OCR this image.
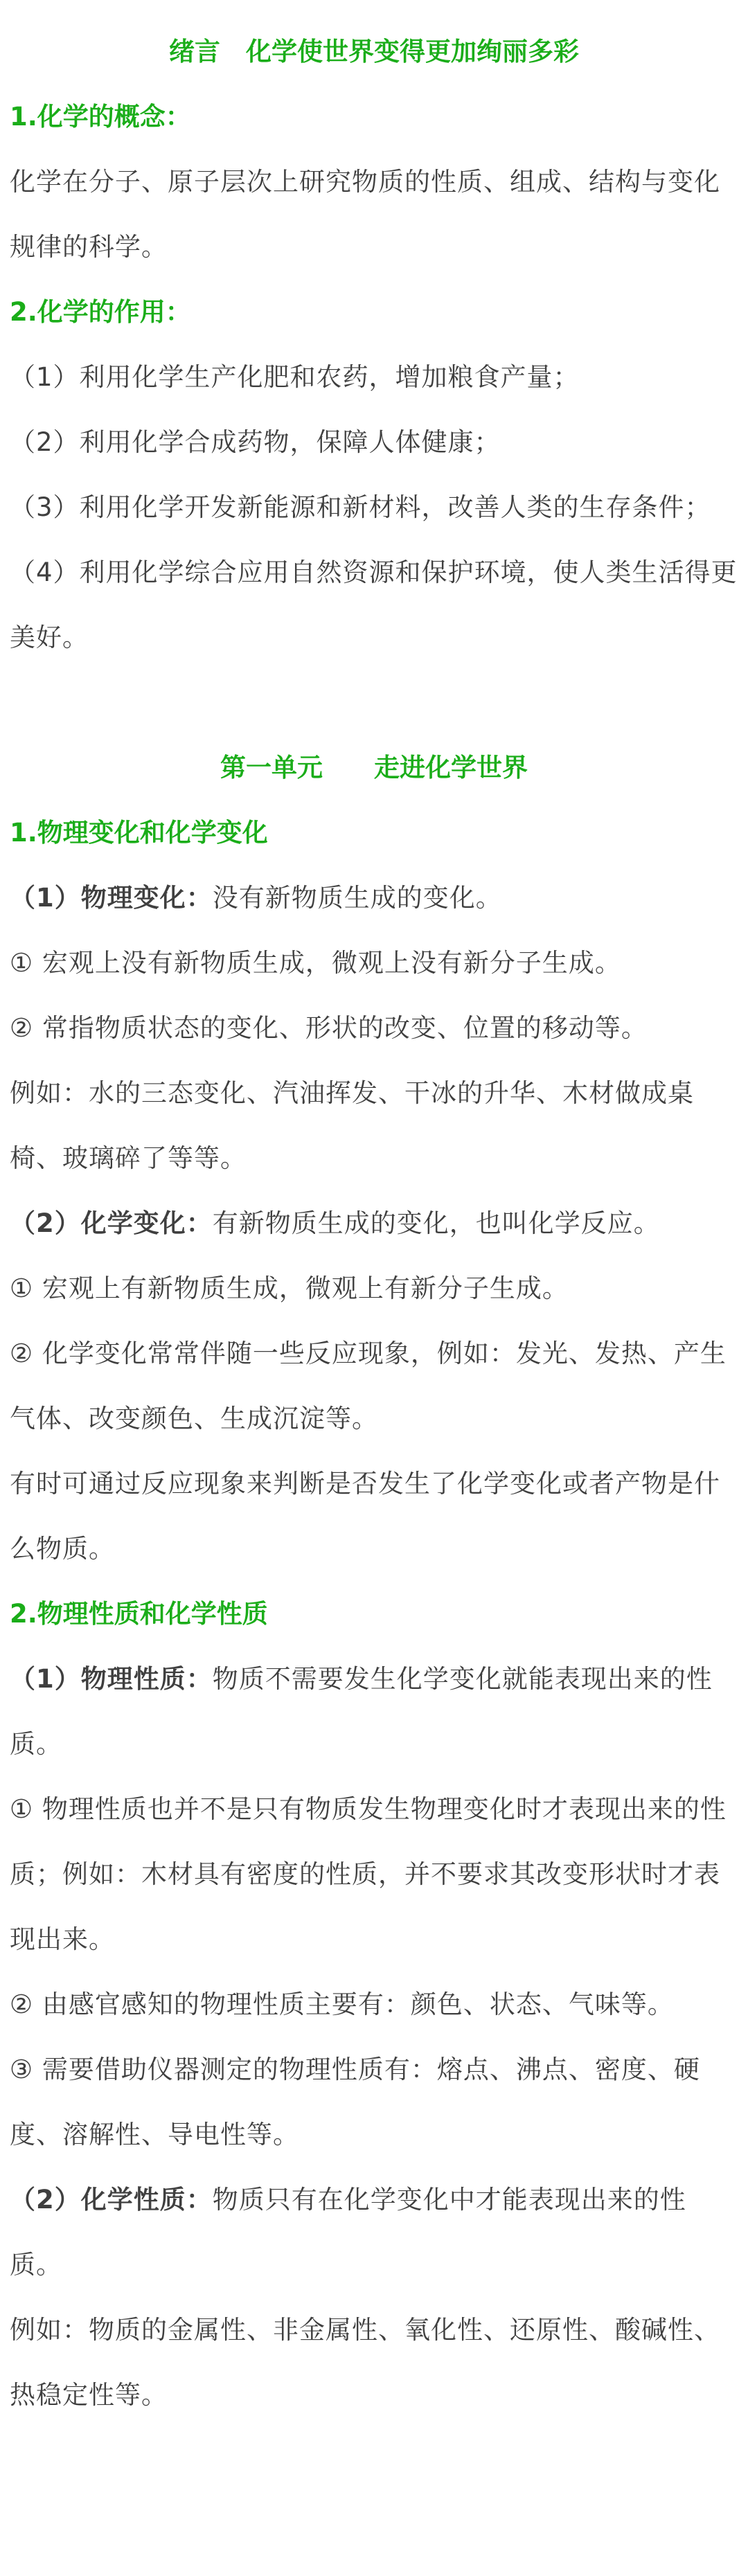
绪言　化学使世界变得更加绚丽多彩

1.化学的概念：

化学在分子、原子层次上研究物质的性质、组成、结构与变化规律的科学。

2.化学的作用：

（1）利用化学生产化肥和农药，增加粮食产量；

（2）利用化学合成药物，保障人体健康；

（3）利用化学开发新能源和新材料，改善人类的生存条件；

（4）利用化学综合应用自然资源和保护环境，使人类生活得更美好。

第一单元　　走进化学世界

1.物理变化和化学变化

（1）物理变化：没有新物质生成的变化。

① 宏观上没有新物质生成，微观上没有新分子生成。

② 常指物质状态的变化、形状的改变、位置的移动等。

例如：水的三态变化、汽油挥发、干冰的升华、木材做成桌椅、玻璃碎了等等。

（2）化学变化：有新物质生成的变化，也叫化学反应。

① 宏观上有新物质生成，微观上有新分子生成。

② 化学变化常常伴随一些反应现象，例如：发光、发热、产生气体、改变颜色、生成沉淀等。

有时可通过反应现象来判断是否发生了化学变化或者产物是什么物质。

2.物理性质和化学性质

（1）物理性质：物质不需要发生化学变化就能表现出来的性质。

① 物理性质也并不是只有物质发生物理变化时才表现出来的性质；例如：木材具有密度的性质，并不要求其改变形状时才表现出来。

② 由感官感知的物理性质主要有：颜色、状态、气味等。

③ 需要借助仪器测定的物理性质有：熔点、沸点、密度、硬度、溶解性、导电性等。

（2）化学性质：物质只有在化学变化中才能表现出来的性质。

例如：物质的金属性、非金属性、氧化性、还原性、酸碱性、热稳定性等。
